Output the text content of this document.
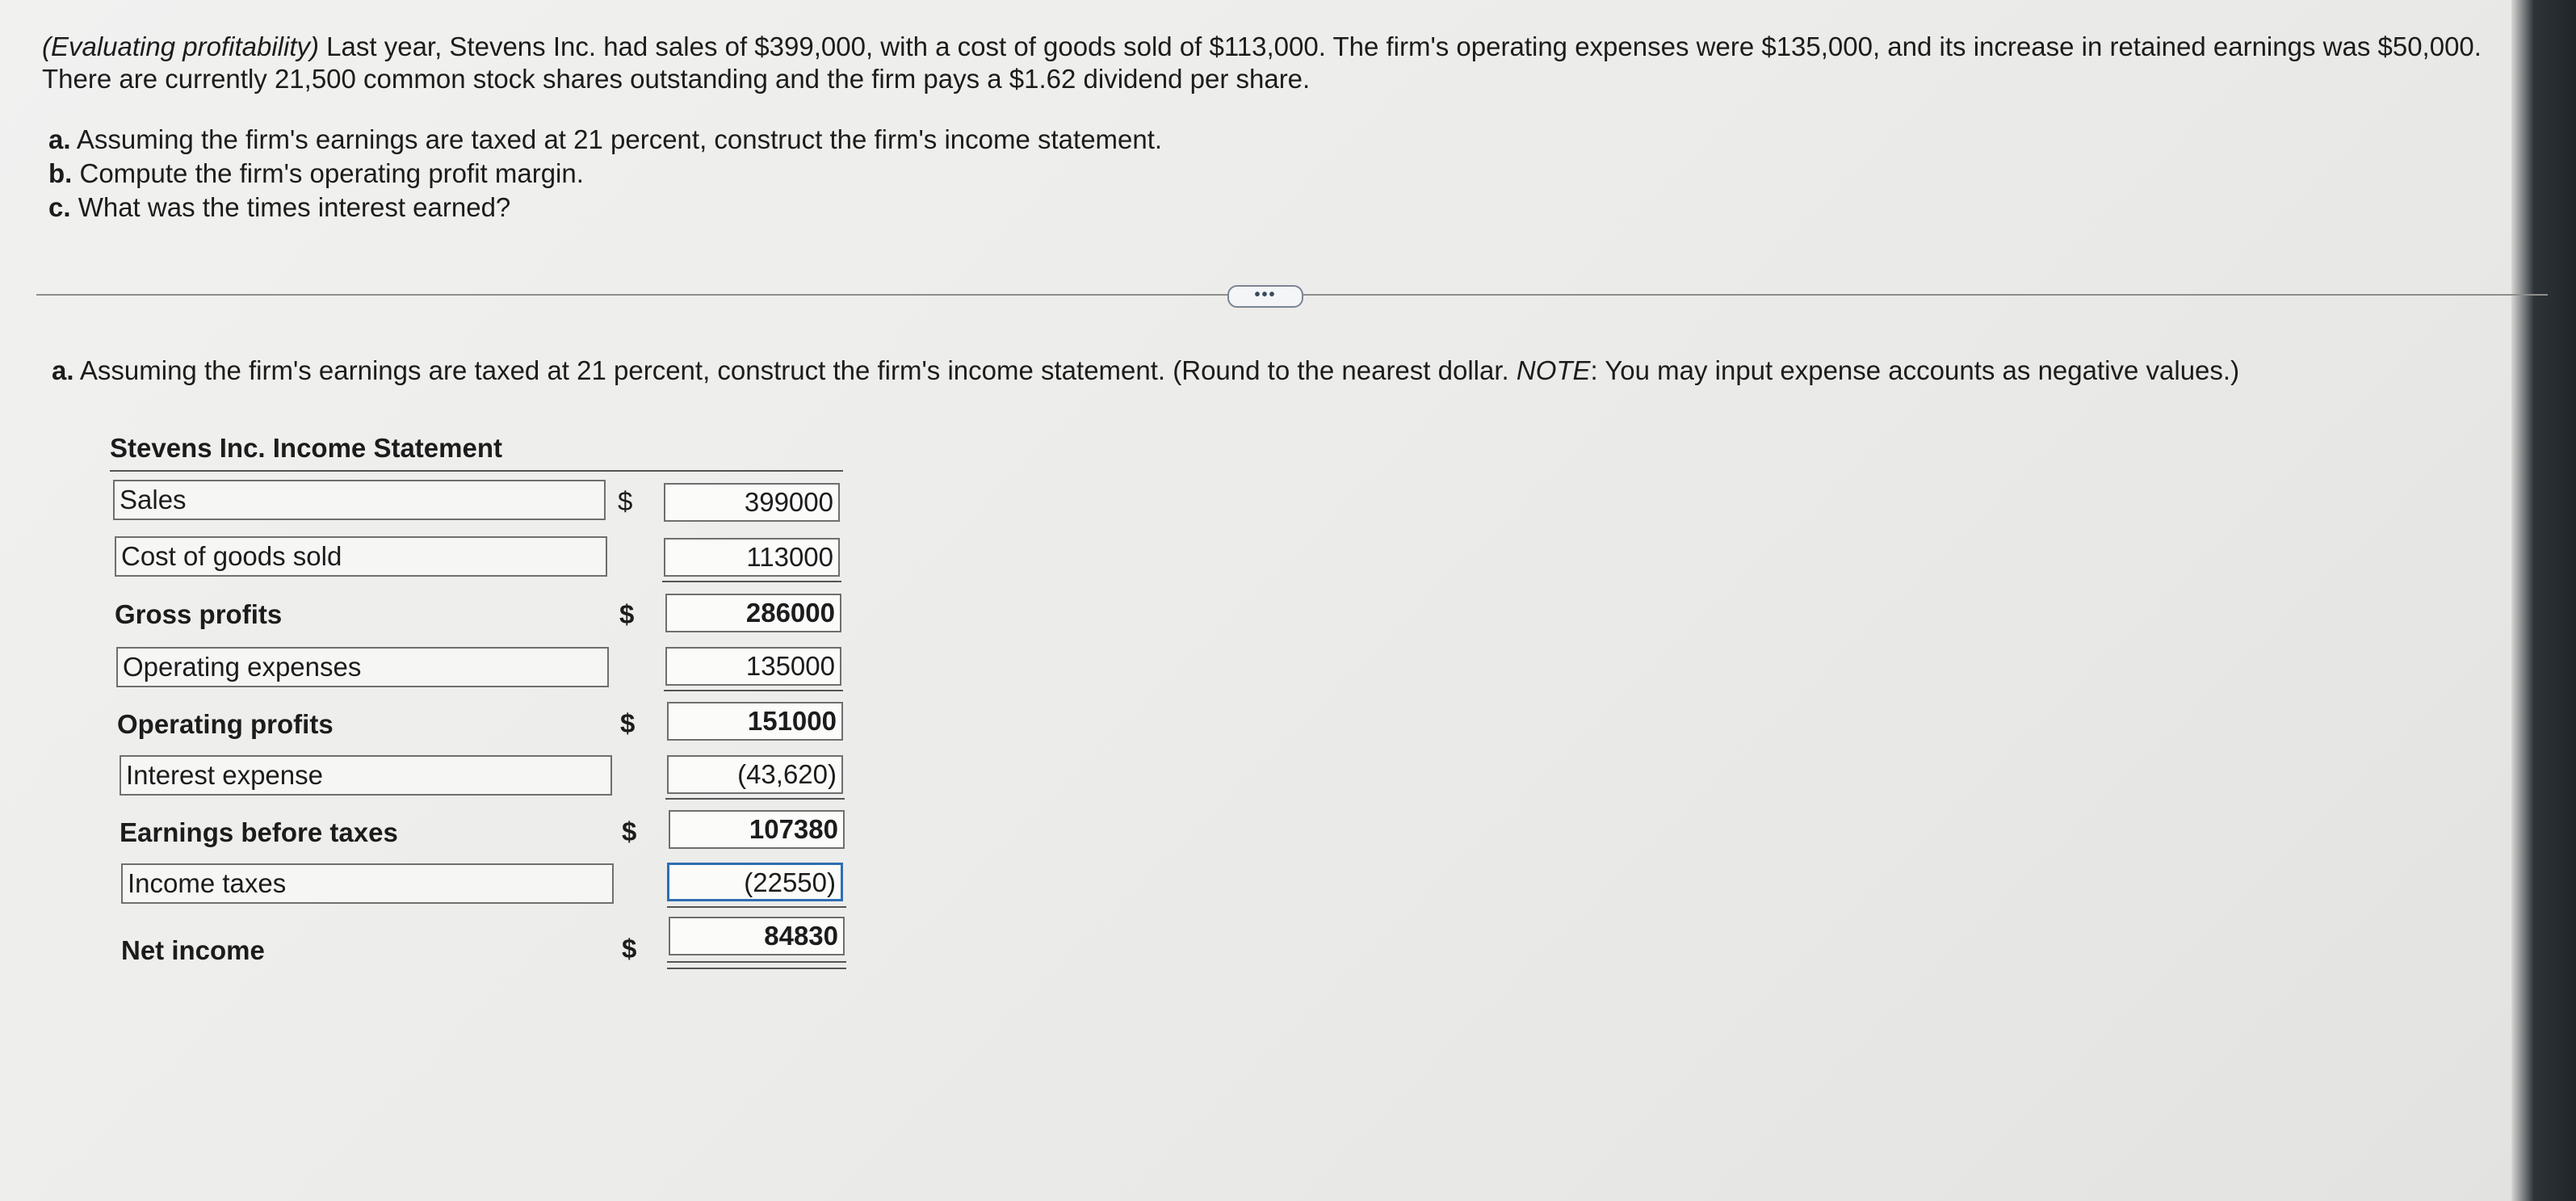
(Evaluating profitability) Last year, Stevens Inc. had sales of $399,000, with a cost of goods sold of $113,000. The firm's operating expenses were $135,000, and its increase in retained earnings was $50,000. There are currently 21,500 common stock shares outstanding and the firm pays a $1.62 dividend per share.

a. Assuming the firm's earnings are taxed at 21 percent, construct the firm's income statement.
b. Compute the firm's operating profit margin.
c. What was the times interest earned?
•••
a. Assuming the firm's earnings are taxed at 21 percent, construct the firm's income statement. (Round to the nearest dollar. NOTE: You may input expense accounts as negative values.)
Stevens Inc. Income Statement
Sales	$	399000
Cost of goods sold	113000
Gross profits	$	286000
Operating expenses	135000
Operating profits	$	151000
Interest expense	(43,620)
Earnings before taxes	$	107380
Income taxes	(22550)
Net income	$	84830
